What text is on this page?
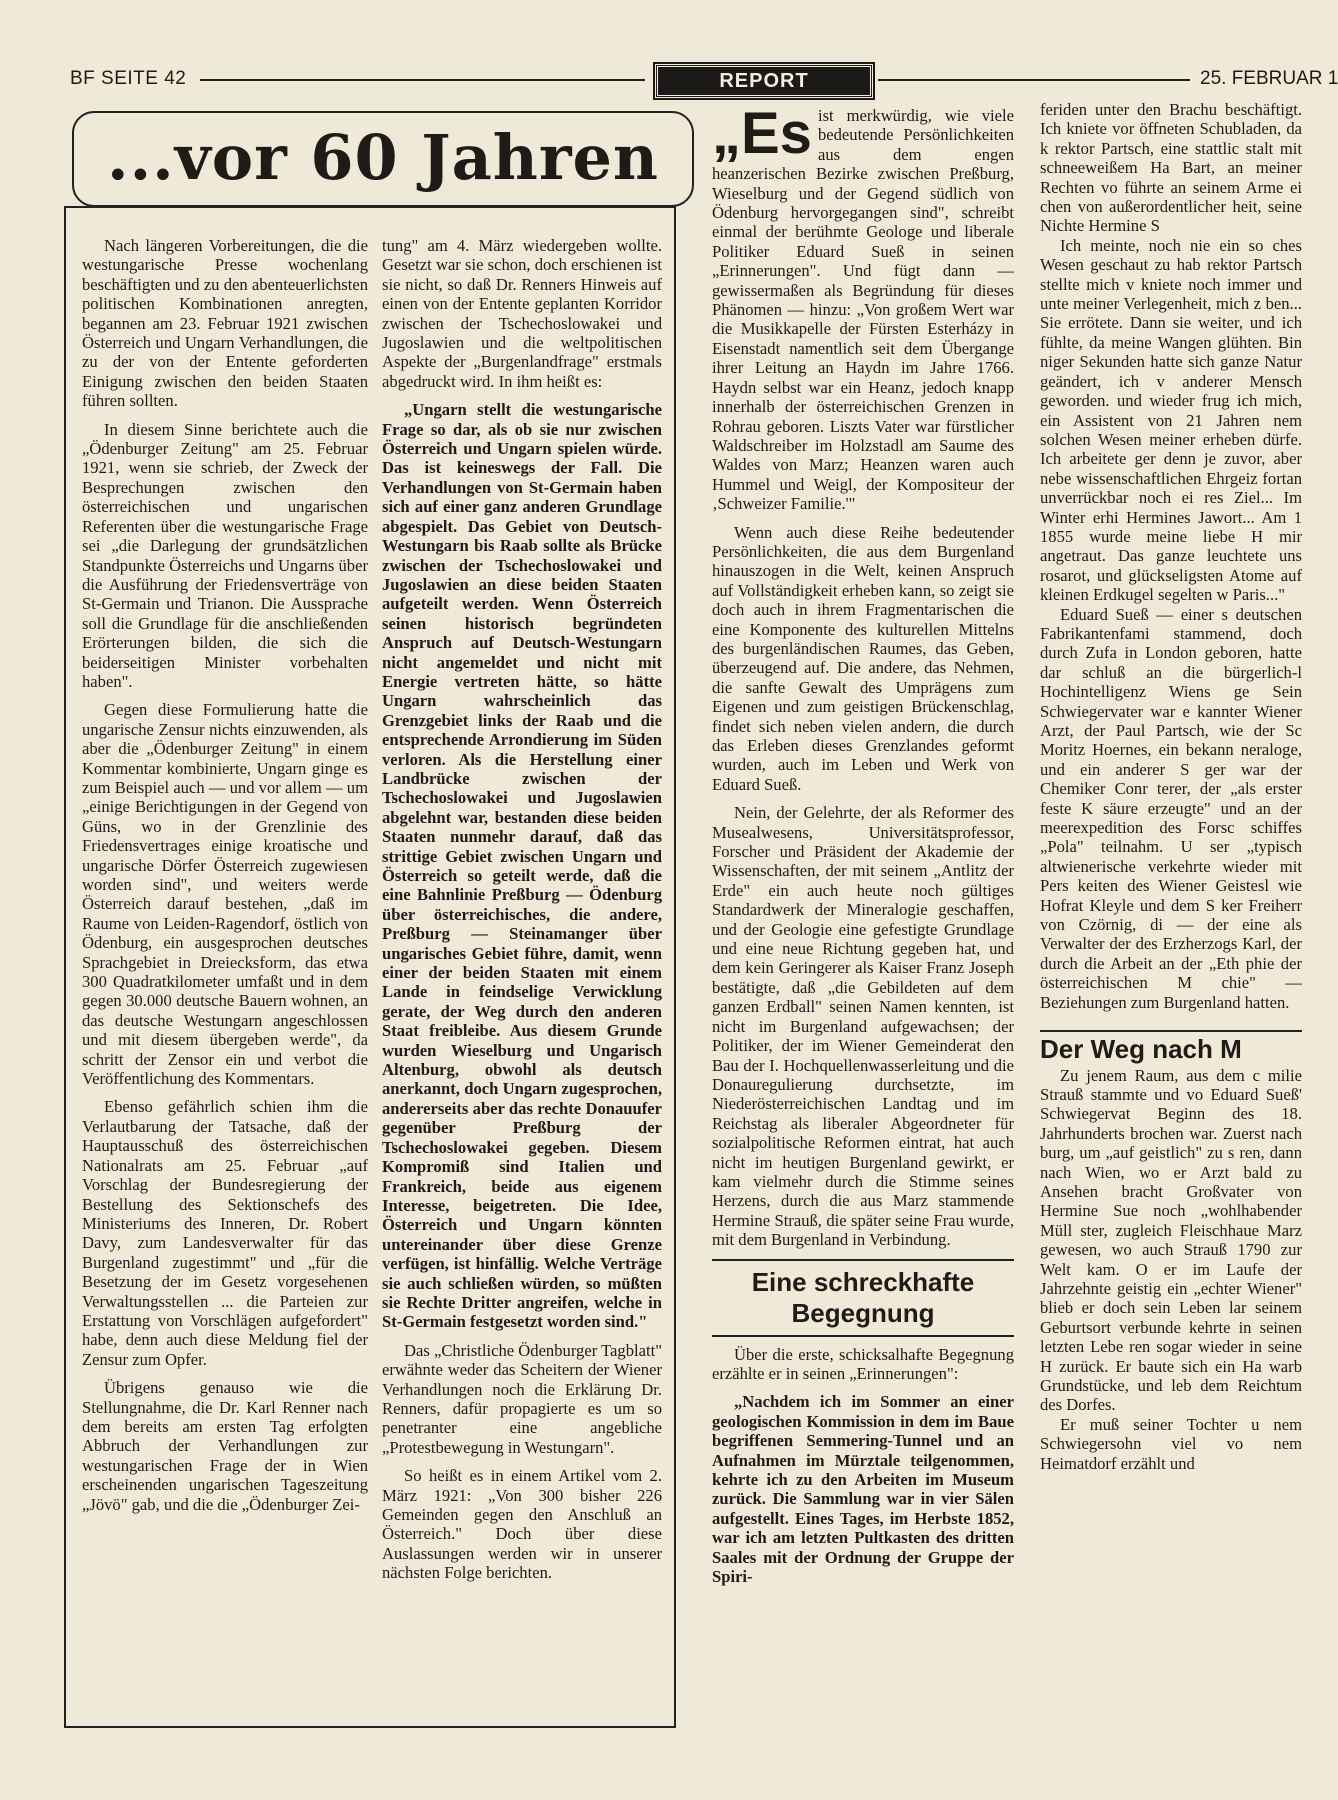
BF SEITE 42	REPORT	25. FEBRUAR 1
...vor 60 Jahren

Nach längeren Vorbereitungen, die die westungarische Presse wochenlang beschäftigten und zu den abenteuerlichsten politischen Kombinationen anregten, begannen am 23. Februar 1921 zwischen Österreich und Ungarn Verhandlungen, die zu der von der Entente geforderten Einigung zwischen den beiden Staaten führen sollten.

In diesem Sinne berichtete auch die „Ödenburger Zeitung" am 25. Februar 1921, wenn sie schrieb, der Zweck der Besprechungen zwischen den österreichischen und ungarischen Referenten über die westungarische Frage sei „die Darlegung der grundsätzlichen Standpunkte Österreichs und Ungarns über die Ausführung der Friedensverträge von St-Germain und Trianon. Die Aussprache soll die Grundlage für die anschließenden Erörterungen bilden, die sich die beiderseitigen Minister vorbehalten haben".

Gegen diese Formulierung hatte die ungarische Zensur nichts einzuwenden, als aber die „Ödenburger Zeitung" in einem Kommentar kombinierte, Ungarn ginge es zum Beispiel auch — und vor allem — um „einige Berichtigungen in der Gegend von Güns, wo in der Grenzlinie des Friedensvertrages einige kroatische und ungarische Dörfer Österreich zugewiesen worden sind", und weiters werde Österreich darauf bestehen, „daß im Raume von Leiden-Ragendorf, östlich von Ödenburg, ein ausgesprochen deutsches Sprachgebiet in Dreiecksform, das etwa 300 Quadratkilometer umfaßt und in dem gegen 30.000 deutsche Bauern wohnen, an das deutsche Westungarn angeschlossen und mit diesem übergeben werde", da schritt der Zensor ein und verbot die Veröffentlichung des Kommentars.

Ebenso gefährlich schien ihm die Verlautbarung der Tatsache, daß der Hauptausschuß des österreichischen Nationalrats am 25. Februar „auf Vorschlag der Bundesregierung der Bestellung des Sektionschefs des Ministeriums des Inneren, Dr. Robert Davy, zum Landesverwalter für das Burgenland zugestimmt" und „für die Besetzung der im Gesetz vorgesehenen Verwaltungsstellen ... die Parteien zur Erstattung von Vorschlägen aufgefordert" habe, denn auch diese Meldung fiel der Zensur zum Opfer.

Übrigens genauso wie die Stellungnahme, die Dr. Karl Renner nach dem bereits am ersten Tag erfolgten Abbruch der Verhandlungen zur westungarischen Frage der in Wien erscheinenden ungarischen Tageszeitung „Jövö" gab, und die die „Ödenburger Zei-

tung" am 4. März wiedergeben wollte. Gesetzt war sie schon, doch erschienen ist sie nicht, so daß Dr. Renners Hinweis auf einen von der Entente geplanten Korridor zwischen der Tschechoslowakei und Jugoslawien und die weltpolitischen Aspekte der „Burgenlandfrage" erstmals abgedruckt wird. In ihm heißt es:

„Ungarn stellt die westungarische Frage so dar, als ob sie nur zwischen Österreich und Ungarn spielen würde. Das ist keineswegs der Fall. Die Verhandlungen von St-Germain haben sich auf einer ganz anderen Grundlage abgespielt. Das Gebiet von Deutsch-Westungarn bis Raab sollte als Brücke zwischen der Tschechoslowakei und Jugoslawien an diese beiden Staaten aufgeteilt werden. Wenn Österreich seinen historisch begründeten Anspruch auf Deutsch-Westungarn nicht angemeldet und nicht mit Energie vertreten hätte, so hätte Ungarn wahrscheinlich das Grenzgebiet links der Raab und die entsprechende Arrondierung im Süden verloren. Als die Herstellung einer Landbrücke zwischen der Tschechoslowakei und Jugoslawien abgelehnt war, bestanden diese beiden Staaten nunmehr darauf, daß das strittige Gebiet zwischen Ungarn und Österreich so geteilt werde, daß die eine Bahnlinie Preßburg — Ödenburg über österreichisches, die andere, Preßburg — Steinamanger über ungarisches Gebiet führe, damit, wenn einer der beiden Staaten mit einem Lande in feindselige Verwicklung gerate, der Weg durch den anderen Staat freibleibe. Aus diesem Grunde wurden Wieselburg und Ungarisch Altenburg, obwohl als deutsch anerkannt, doch Ungarn zugesprochen, andererseits aber das rechte Donauufer gegenüber Preßburg der Tschechoslowakei gegeben. Diesem Kompromiß sind Italien und Frankreich, beide aus eigenem Interesse, beigetreten. Die Idee, Österreich und Ungarn könnten untereinander über diese Grenze verfügen, ist hinfällig. Welche Verträge sie auch schließen würden, so müßten sie Rechte Dritter angreifen, welche in St-Germain festgesetzt worden sind."

Das „Christliche Ödenburger Tagblatt" erwähnte weder das Scheitern der Wiener Verhandlungen noch die Erklärung Dr. Renners, dafür propagierte es um so penetranter eine angebliche „Protestbewegung in Westungarn".

So heißt es in einem Artikel vom 2. März 1921: „Von 300 bisher 226 Gemeinden gegen den Anschluß an Österreich." Doch über diese Auslassungen werden wir in unserer nächsten Folge berichten.

„Es ist merkwürdig, wie viele bedeutende Persönlichkeiten aus dem engen heanzerischen Bezirke zwischen Preßburg, Wieselburg und der Gegend südlich von Ödenburg hervorgegangen sind", schreibt einmal der berühmte Geologe und liberale Politiker Eduard Sueß in seinen „Erinnerungen". Und fügt dann — gewissermaßen als Begründung für dieses Phänomen — hinzu: „Von großem Wert war die Musikkapelle der Fürsten Esterházy in Eisenstadt namentlich seit dem Übergange ihrer Leitung an Haydn im Jahre 1766. Haydn selbst war ein Heanz, jedoch knapp innerhalb der österreichischen Grenzen in Rohrau geboren. Liszts Vater war fürstlicher Waldschreiber im Holzstadl am Saume des Waldes von Marz; Heanzen waren auch Hummel und Weigl, der Kompositeur der ‚Schweizer Familie.'"

Wenn auch diese Reihe bedeutender Persönlichkeiten, die aus dem Burgenland hinauszogen in die Welt, keinen Anspruch auf Vollständigkeit erheben kann, so zeigt sie doch auch in ihrem Fragmentarischen die eine Komponente des kulturellen Mittelns des burgenländischen Raumes, das Geben, überzeugend auf. Die andere, das Nehmen, die sanfte Gewalt des Umprägens zum Eigenen und zum geistigen Brückenschlag, findet sich neben vielen andern, die durch das Erleben dieses Grenzlandes geformt wurden, auch im Leben und Werk von Eduard Sueß.

Nein, der Gelehrte, der als Reformer des Musealwesens, Universitätsprofessor, Forscher und Präsident der Akademie der Wissenschaften, der mit seinem „Antlitz der Erde" ein auch heute noch gültiges Standardwerk der Mineralogie geschaffen, und der Geologie eine gefestigte Grundlage und eine neue Richtung gegeben hat, und dem kein Geringerer als Kaiser Franz Joseph bestätigte, daß „die Gebildeten auf dem ganzen Erdball" seinen Namen kennten, ist nicht im Burgenland aufgewachsen; der Politiker, der im Wiener Gemeinderat den Bau der I. Hochquellenwasserleitung und die Donauregulierung durchsetzte, im Niederösterreichischen Landtag und im Reichstag als liberaler Abgeordneter für sozialpolitische Reformen eintrat, hat auch nicht im heutigen Burgenland gewirkt, er kam vielmehr durch die Stimme seines Herzens, durch die aus Marz stammende Hermine Strauß, die später seine Frau wurde, mit dem Burgenland in Verbindung.

Eine schreckhafte Begegnung

Über die erste, schicksalhafte Begegnung erzählte er in seinen „Erinnerungen":

„Nachdem ich im Sommer an einer geologischen Kommission in dem im Baue begriffenen Semmering-Tunnel und an Aufnahmen im Mürztale teilgenommen, kehrte ich zu den Arbeiten im Museum zurück. Die Sammlung war in vier Sälen aufgestellt. Eines Tages, im Herbste 1852, war ich am letzten Pultkasten des dritten Saales mit der Ordnung der Gruppe der Spiri-

feriden unter den Brachu beschäftigt. Ich kniete vor öffneten Schubladen, da k rektor Partsch, eine stattlic stalt mit schneeweißem Ha Bart, an meiner Rechten vo führte an seinem Arme ei chen von außerordentlicher heit, seine Nichte Hermine S

Ich meinte, noch nie ein so ches Wesen geschaut zu hab rektor Partsch stellte mich v kniete noch immer und unte meiner Verlegenheit, mich z ben... Sie errötete. Dann sie weiter, und ich fühlte, da meine Wangen glühten. Bin niger Sekunden hatte sich ganze Natur geändert, ich v anderer Mensch geworden. und wieder frug ich mich, ein Assistent von 21 Jahren nem solchen Wesen meiner erheben dürfe. Ich arbeitete ger denn je zuvor, aber nebe wissenschaftlichen Ehrgeiz fortan unverrückbar noch ei res Ziel... Im Winter erhi Hermines Jawort... Am 1 1855 wurde meine liebe H mir angetraut. Das ganze leuchtete uns rosarot, und glückseligsten Atome auf kleinen Erdkugel segelten w Paris..."

Eduard Sueß — einer s deutschen Fabrikantenfami stammend, doch durch Zufa in London geboren, hatte dar schluß an die bürgerlich-l Hochintelligenz Wiens ge Sein Schwiegervater war e kannter Wiener Arzt, der Paul Partsch, wie der Sc Moritz Hoernes, ein bekann neraloge, und ein anderer S ger war der Chemiker Conr terer, der „als erster feste K säure erzeugte" und an der meerexpedition des Forsc schiffes „Pola" teilnahm. U ser „typisch altwienerische verkehrte wieder mit Pers keiten des Wiener Geistesl wie Hofrat Kleyle und dem S ker Freiherr von Czörnig, di — der eine als Verwalter der des Erzherzogs Karl, der durch die Arbeit an der „Eth phie der österreichischen M chie" — Beziehungen zum Burgenland hatten.

Der Weg nach M

Zu jenem Raum, aus dem c milie Strauß stammte und vo Eduard Sueß' Schwiegervat Beginn des 18. Jahrhunderts brochen war. Zuerst nach burg, um „auf geistlich" zu s ren, dann nach Wien, wo er Arzt bald zu Ansehen bracht Großvater von Hermine Sue noch „wohlhabender Müll ster, zugleich Fleischhaue Marz gewesen, wo auch Strauß 1790 zur Welt kam. O er im Laufe der Jahrzehnte geistig ein „echter Wiener" blieb er doch sein Leben lar seinem Geburtsort verbunde kehrte in seinen letzten Lebe ren sogar wieder in seine H zurück. Er baute sich ein Ha warb Grundstücke, und leb dem Reichtum des Dorfes.

Er muß seiner Tochter u nem Schwiegersohn viel vo nem Heimatdorf erzählt und
